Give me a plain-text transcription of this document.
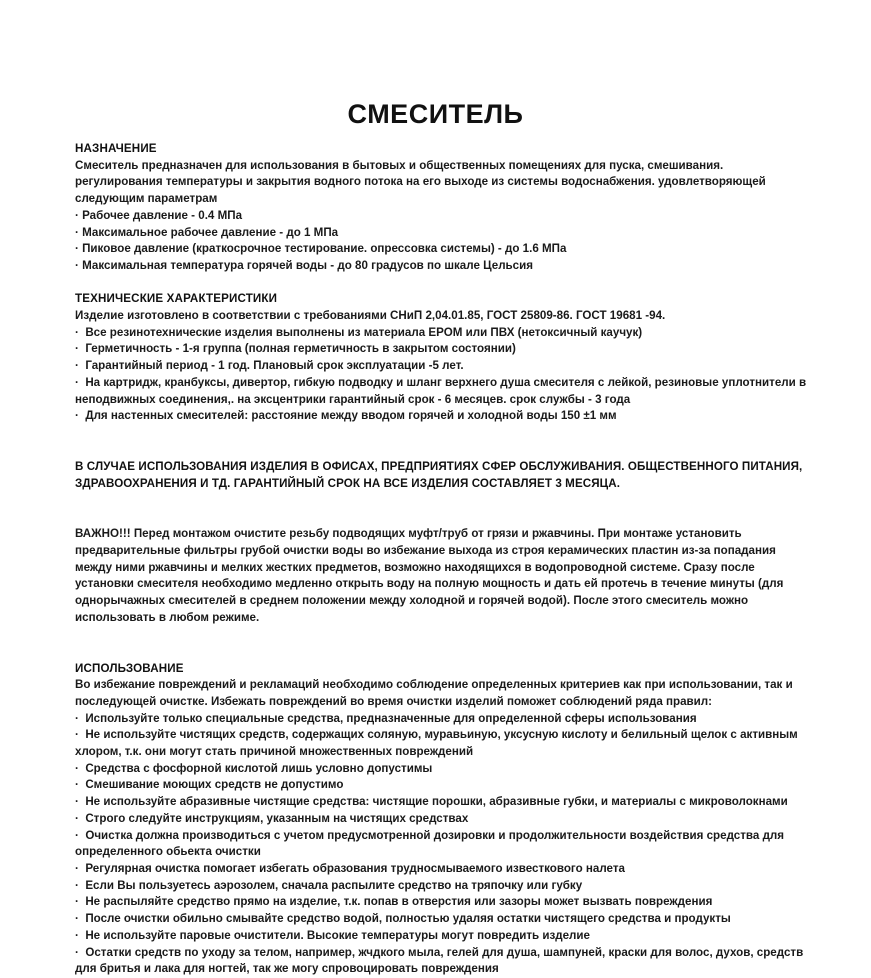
СМЕСИТЕЛЬ
НАЗНАЧЕНИЕ

Смеситель предназначен для использования в бытовых и общественных помещениях для пуска, смешивания. регулирования температуры и закрытия водного потока на его выходе из системы водоснабжения. удовлетворяющей следующим параметрам

· Рабочее давление - 0.4 МПа
· Максимальное рабочее давление - до 1 МПа
· Пиковое давление (краткосрочное тестирование. опрессовка системы) - до 1.6 МПа
· Максимальная температура горячей воды - до 80 градусов по шкале Цельсия
ТЕХНИЧЕСКИЕ ХАРАКТЕРИСТИКИ

Изделие изготовлено в соответствии с требованиями СНиП 2,04.01.85, ГОСТ 25809-86. ГОСТ 19681 -94.

·  Все резинотехнические изделия выполнены из материала ЕРОМ или ПВХ (нетоксичный каучук)
·  Герметичность - 1-я группа (полная герметичность в закрытом состоянии)
·  Гарантийный период - 1 год. Плановый срок эксплуатации -5 лет.
·  На картридж, кранбуксы, дивертор, гибкую подводку и шланг верхнего душа смесителя с лейкой, резиновые уплотнители в неподвижных соединения,. на эксцентрики гарантийный срок - 6 месяцев. срок службы - 3 года
·  Для настенных смесителей: расстояние между вводом горячей и холодной воды 150 ±1 мм
В СЛУЧАЕ ИСПОЛЬЗОВАНИЯ ИЗДЕЛИЯ В ОФИСАХ, ПРЕДПРИЯТИЯХ СФЕР ОБСЛУЖИВАНИЯ. ОБЩЕСТВЕННОГО ПИТАНИЯ,
ЗДРАВООХРАНЕНИЯ И ТД. ГАРАНТИЙНЫЙ СРОК НА ВСЕ ИЗДЕЛИЯ СОСТАВЛЯЕТ 3 МЕСЯЦА.

ВАЖНО!!! Перед монтажом очистите резьбу подводящих муфт/труб от грязи и ржавчины. При монтаже установить предварительные фильтры грубой очистки воды во избежание выхода из строя керамических пластин из-за попадания между ними ржавчины и мелких жестких предметов, возможно находящихся в водопроводной системе. Сразу после установки смесителя необходимо медленно открыть воду на полную мощность и дать ей протечь в течение минуты (для однорычажных смесителей в среднем положении между холодной и горячей водой). После этого смеситель можно использовать в любом режиме.

ИСПОЛЬЗОВАНИЕ

Во избежание повреждений и рекламаций необходимо соблюдение определенных критериев как при использовании, так и последующей очистке. Избежать повреждений во время очистки изделий поможет соблюдений ряда правил:

·  Используйте только специальные средства, предназначенные для определенной сферы использования
·  Не используйте чистящих средств, содержащих соляную, муравьиную, уксусную кислоту и белильный щелок с активным хлором, т.к. они могут стать причиной множественных повреждений
·  Средства с фосфорной кислотой лишь условно допустимы
·  Смешивание моющих средств не допустимо
·  Не используйте абразивные чистящие средства: чистящие порошки, абразивные губки, и материалы с микроволокнами
·  Строго следуйте инструкциям, указанным на чистящих средствах
·  Очистка должна производиться с учетом предусмотренной дозировки и продолжительности воздействия средства для определенного обьекта очистки
·  Регулярная очистка помогает избегать образования трудносмываемого известкового налета
·  Если Вы пользуетесь аэрозолем, сначала распылите средство на тряпочку или губку
·  Не распыляйте средство прямо на изделие, т.к. попав в отверстия или зазоры может вызвать повреждения
·  После очистки обильно смывайте средство водой, полностью удаляя остатки чистящего средства и продукты
·  Не используйте паровые очистители. Высокие температуры могут повредить изделие
·  Остатки средств по уходу за телом, например, жчдкого мыла, гелей для душа, шампуней, краски для волос, духов, средств для бритья и лака для ногтей, так же могу спровоцировать повреждения
